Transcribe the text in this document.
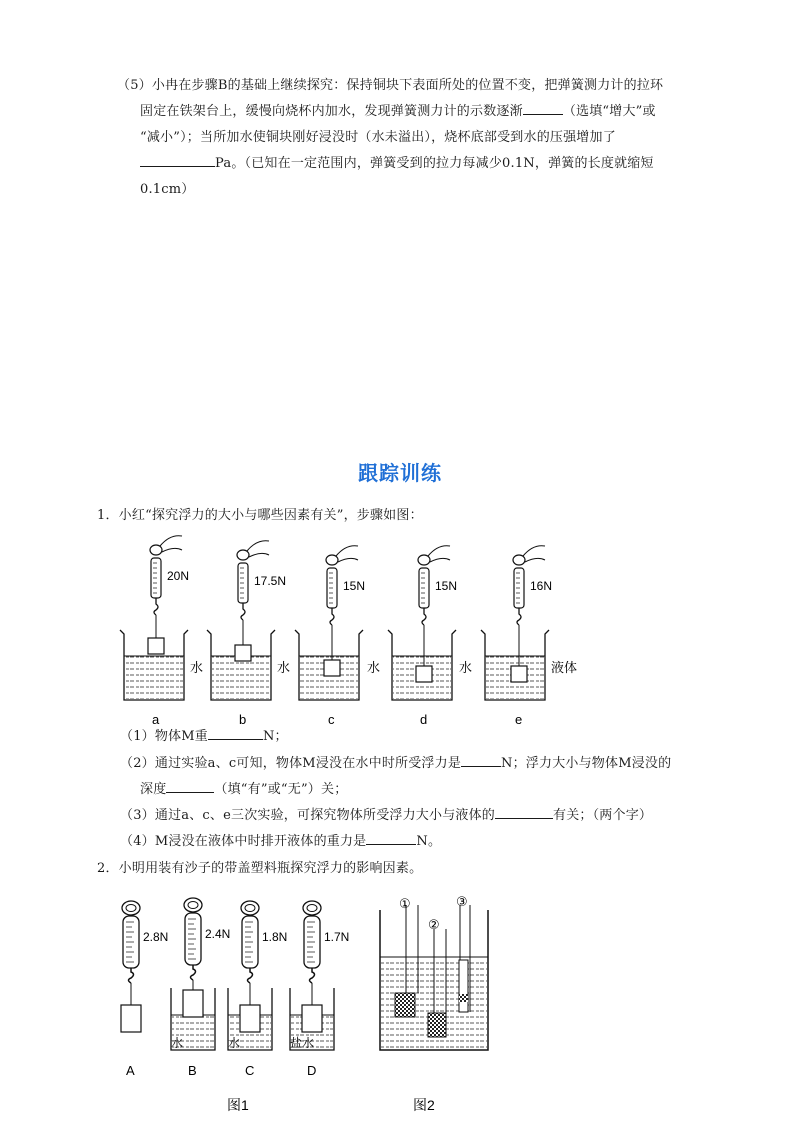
（5）小冉在步骤B的基础上继续探究：保持铜块下表面所处的位置不变，把弹簧测力计的拉环
固定在铁架台上，缓慢向烧杯内加水，发现弹簧测力计的示数逐渐	（选填“增大”或
“减小”）；当所加水使铜块刚好浸没时（水未溢出），烧杯底部受到水的压强增加了
Pa。（已知在一定范围内，弹簧受到的拉力每减少0.1N，弹簧的长度就缩短
0.1cm）
跟踪训练
1．小红“探究浮力的大小与哪些因素有关”，步骤如图：
20N
水
a
17.5N
水
b
15N
水
c
15N
水
d
16N
液体
e
2.8N
A
2.4N
水
B
1.8N
水
C
1.7N
盐水
D
①
②
③
图1	图2
（1）物体M重	N；
（2）通过实验a、c可知，物体M浸没在水中时所受浮力是	N；浮力大小与物体M浸没的
深度	（填“有”或“无”）关；
（3）通过a、c、e三次实验，可探究物体所受浮力大小与液体的	有关；（两个字）
（4）M浸没在液体中时排开液体的重力是	N。
2．小明用装有沙子的带盖塑料瓶探究浮力的影响因素。
